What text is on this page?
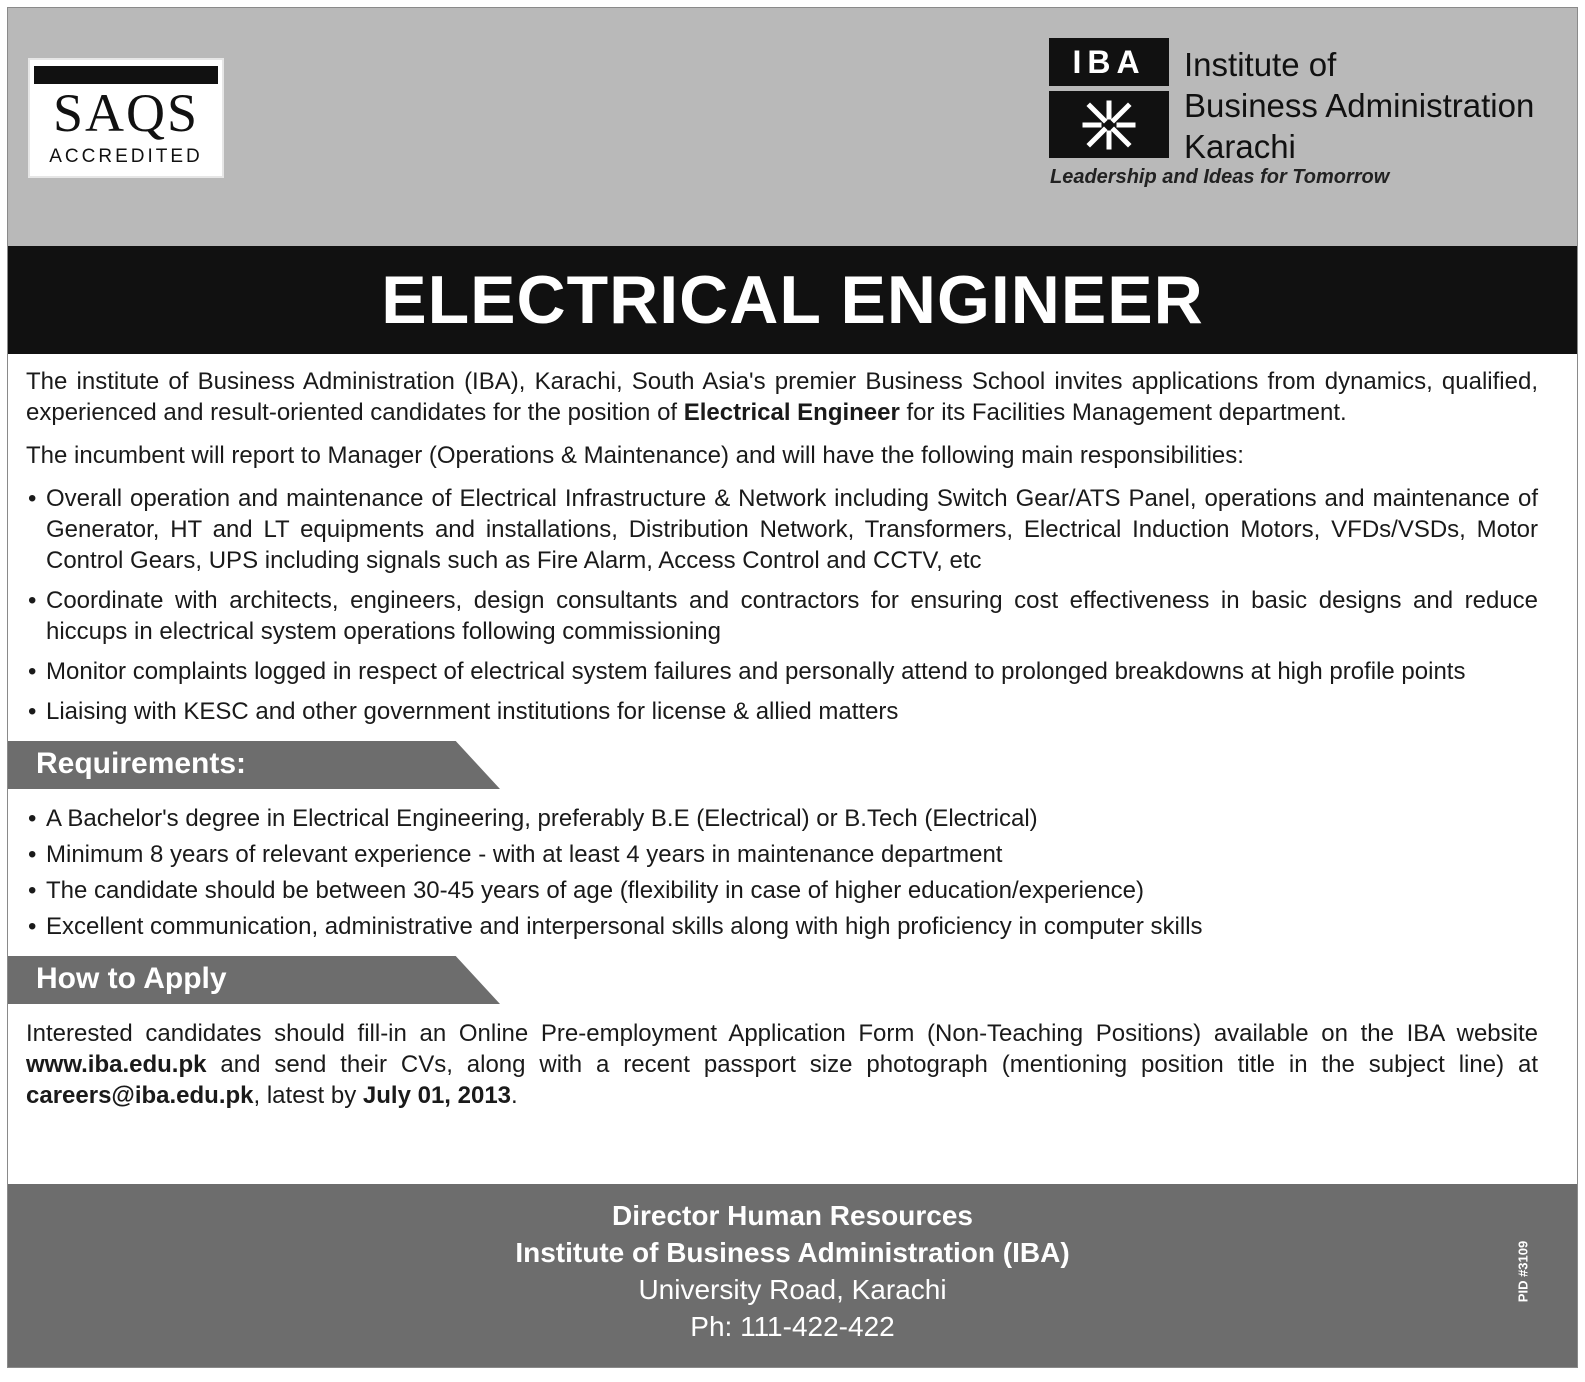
SAQS
ACCREDITED
IBA	Institute of
Business Administration
Karachi
Leadership and Ideas for Tomorrow
ELECTRICAL ENGINEER

The institute of Business Administration (IBA), Karachi, South Asia's premier Business School invites applications from dynamics, qualified, experienced and result-oriented candidates for the position of Electrical Engineer for its Facilities Management department.

The incumbent will report to Manager (Operations & Maintenance) and will have the following main responsibilities:

• Overall operation and maintenance of Electrical Infrastructure & Network including Switch Gear/ATS Panel, operations and maintenance of Generator, HT and LT equipments and installations, Distribution Network, Transformers, Electrical Induction Motors, VFDs/VSDs, Motor Control Gears, UPS including signals such as Fire Alarm, Access Control and CCTV, etc
• Coordinate with architects, engineers, design consultants and contractors for ensuring cost effectiveness in basic designs and reduce hiccups in electrical system operations following commissioning
• Monitor complaints logged in respect of electrical system failures and personally attend to prolonged breakdowns at high profile points
• Liaising with KESC and other government institutions for license & allied matters
Requirements:
• A Bachelor's degree in Electrical Engineering, preferably B.E (Electrical) or B.Tech (Electrical)
• Minimum 8 years of relevant experience - with at least 4 years in maintenance department
• The candidate should be between 30-45 years of age (flexibility in case of higher education/experience)
• Excellent communication, administrative and interpersonal skills along with high proficiency in computer skills
How to Apply

Interested candidates should fill-in an Online Pre-employment Application Form (Non-Teaching Positions) available on the IBA website www.iba.edu.pk and send their CVs, along with a recent passport size photograph (mentioning position title in the subject line) at careers@iba.edu.pk, latest by July 01, 2013.

Director Human Resources
Institute of Business Administration (IBA)
University Road, Karachi
Ph: 111-422-422
PID #3109
